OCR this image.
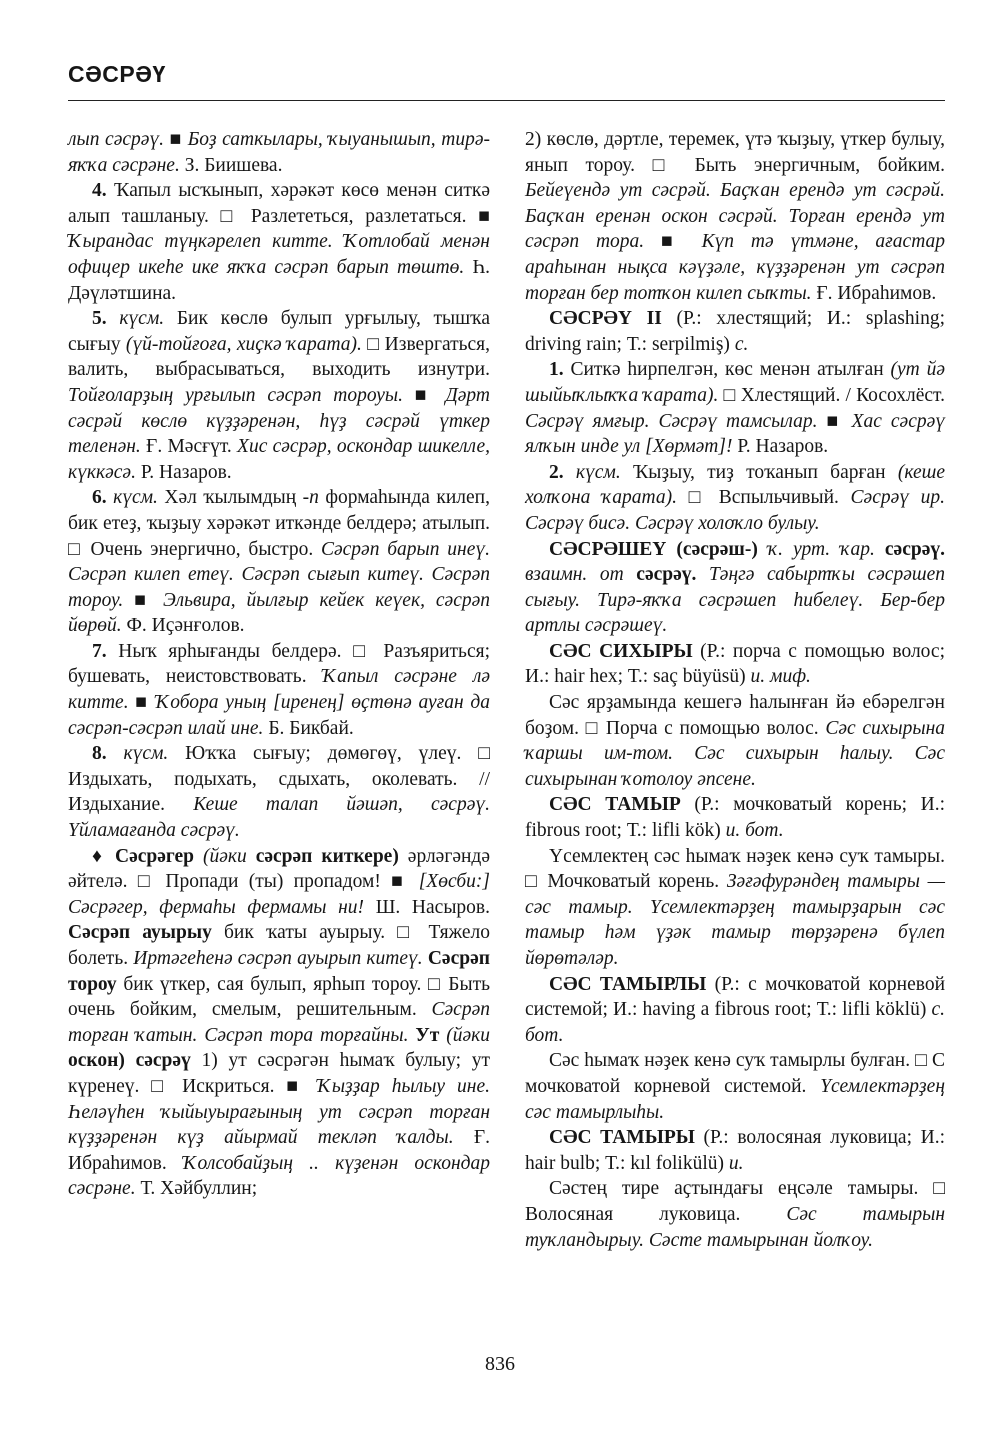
СӘСРӘҮ

лып сәсрәү. ■ Боҙ саткылары, ҡыуанышып, тирә-яҡҡа сәсрәне. З. Биишева.

4. Ҡапыл ысҡынып, хәрәкәт көсө менән ситкә алып ташланыу. □ Разлететься, разлетаться. ■ Ҡырандас түңкәрелеп китте. Ҡотлобай менән офицер икеһе ике яҡҡа сәсрәп барып төштө. Һ. Дәүләтшина.

5. күсм. Бик көслө булып урғылыу, тышҡа сығыу (үй-тойғоға, хиҫкә ҡарата). □ Извергаться, валить, выбрасываться, выходить изнутри. Тойғоларҙың урғылып сәсрәп тороуы. ■ Дәрт сәсрәй көслө күҙҙәренән, һүҙ сәсрәй үткер теленән. Ғ. Мәсғүт. Хис сәсрәр, оскондар шикелле, күккәсә. Р. Назаров.

6. күсм. Хәл ҡылымдың -п формаһында килеп, бик етеҙ, ҡыҙыу хәрәкәт иткәнде белдерә; атылып. □ Очень энергично, быстро. Сәсрәп барып инеү. Сәсрәп килеп етеү. Сәсрәп сығып китеү. Сәсрәп тороу. ■ Эльвира, йылғыр кейек кеүек, сәсрәп йөрөй. Ф. Иҫәнғолов.

7. Ныҡ ярһығанды белдерә. □ Разъяриться; бушевать, неистовствовать. Ҡапыл сәсрәне лә китте. ■ Ҡобора уның [иренең] өҫтөнә ауған да сәсрәп-сәсрәп илай ине. Б. Бикбай.

8. күсм. Юҡҡа сығыу; дөмөгөү, үлеү. □ Издыхать, подыхать, сдыхать, околевать. // Издыхание. Кеше талап йәшәп, сәсрәү. Үйламағанда сәсрәү.

♦ Сәсрәгер (йәки сәсрәп киткере) әрләгәндә әйтелә. □ Пропади (ты) пропадом! ■ [Хөсби:] Сәсрәгер, фермаһы фермамы ни! Ш. Насыров. Сәсрәп ауырыу бик ҡаты ауырыу. □ Тяжело болеть. Иртәгеһенә сәсрәп ауырып китеү. Сәсрәп тороу бик үткер, сая булып, ярһып тороу. □ Быть очень бойким, смелым, решительным. Сәсрәп торған ҡатын. Сәсрәп тора торғайны. Ут (йәки оскон) сәсрәү 1) ут сәсрәгән һымаҡ булыу; ут күренеү. □ Искриться. ■ Ҡыҙҙар һылыу ине. Һеләүһен ҡыйыуырағының ут сәсрәп торған күҙҙәренән күҙ айырмай текләп ҡалды. Ғ. Ибраһимов. Ҡолсобайҙың .. күҙенән оскондар сәсрәне. Т. Хәйбуллин;

2) көслө, дәртле, теремек, үтә ҡыҙыу, үткер булыу, янып тороу. □ Быть энергичным, бойким. Бейеүендә ут сәсрәй. Баҫҡан ерендә ут сәсрәй. Баҫҡан еренән оскон сәсрәй. Торған ерендә ут сәсрәп тора. ■ Күп тә үтмәне, ағастар араһынан нықса кәүҙәле, күҙҙәренән ут сәсрәп торған бер тотҡон килеп сыҡты. Ғ. Ибраһимов.

СӘСРӘҮ II (Р.: хлестящий; И.: splashing; driving rain; Т.: serpilmiş) с.

1. Ситкә һирпелгән, көс менән атылған (ут йә шыйыҡлыҡҡа ҡарата). □ Хлестящий. / Косохлёст. Сәсрәү ямғыр. Сәсрәү тамсылар. ■ Хас сәсрәү ялҡын инде ул [Хөрмәт]! Р. Назаров.

2. күсм. Ҡыҙыу, тиҙ тоҡанып барған (кеше холҡона ҡарата). □ Вспыльчивый. Сәсрәү ир. Сәсрәү бисә. Сәсрәү холоҡло булыу.

СӘСРӘШЕҮ (сәсрәш-) ҡ. урт. ҡар. сәсрәү. взаимн. от сәсрәү. Тәңгә сабыртҡы сәсрәшеп сығыу. Тирә-яҡҡа сәсрәшеп һибелеү. Бер-бер артлы сәсрәшеү.

СӘС СИХЫРЫ (Р.: порча с помощью волос; И.: hair hex; Т.: saç büyüsü) и. миф.

Сәс ярҙамында кешегә һалынған йә ебәрелгән боҙом. □ Порча с помощью волос. Сәс сихырына ҡаршы им-том. Сәс сихырын һалыу. Сәс сихырынан ҡотолоу әпсене.

СӘС ТАМЫР (Р.: мочковатый корень; И.: fibrous root; Т.: lifli kök) и. бот.

Үсемлектең сәс һымаҡ нәҙек кенә суҡ тамыры. □ Мочковатый корень. Зәғәфурәндең тамыры — сәс тамыр. Үсемлектәрҙең тамырҙарын сәс тамыр һәм үҙәк тамыр төрҙәренә бүлеп йөрөтәләр.

СӘС ТАМЫРЛЫ (Р.: с мочковатой корневой системой; И.: having a fibrous root; Т.: lifli köklü) с. бот.

Сәс һымаҡ нәҙек кенә суҡ тамырлы булған. □ С мочковатой корневой системой. Үсемлектәрҙең сәс тамырлыһы.

СӘС ТАМЫРЫ (Р.: волосяная луковица; И.: hair bulb; Т.: kıl folikülü) и.

Сәстең тире аҫтындағы еңсәле тамыры. □ Волосяная луковица. Сәс тамырын туҡландырыу. Сәсте тамырынан йолҡоу.

836
